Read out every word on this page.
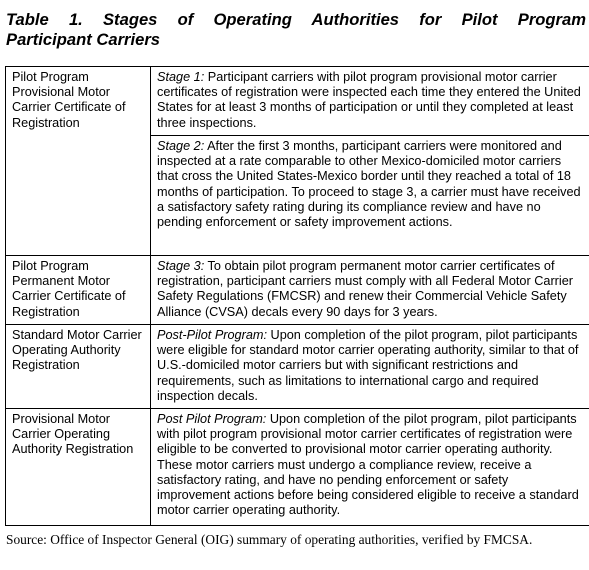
Table 1. Stages of Operating Authorities for Pilot Program
Participant Carriers
Pilot Program Provisional Motor Carrier Certificate of Registration	Stage 1: Participant carriers with pilot program provisional motor carrier certificates of registration were inspected each time they entered the United States for at least 3 months of participation or until they completed at least three inspections.
	Stage 2: After the first 3 months, participant carriers were monitored and inspected at a rate comparable to other Mexico-domiciled motor carriers that cross the United States-Mexico border until they reached a total of 18 months of participation. To proceed to stage 3, a carrier must have received a satisfactory safety rating during its compliance review and have no pending enforcement or safety improvement actions.
Pilot Program Permanent Motor Carrier Certificate of Registration	Stage 3: To obtain pilot program permanent motor carrier certificates of registration, participant carriers must comply with all Federal Motor Carrier Safety Regulations (FMCSR) and renew their Commercial Vehicle Safety Alliance (CVSA) decals every 90 days for 3 years.
Standard Motor Carrier Operating Authority Registration	Post-Pilot Program: Upon completion of the pilot program, pilot participants were eligible for standard motor carrier operating authority, similar to that of U.S.-domiciled motor carriers but with significant restrictions and requirements, such as limitations to international cargo and required inspection decals.
Provisional Motor Carrier Operating Authority Registration	Post Pilot Program: Upon completion of the pilot program, pilot participants with pilot program provisional motor carrier certificates of registration were eligible to be converted to provisional motor carrier operating authority. These motor carriers must undergo a compliance review, receive a satisfactory rating, and have no pending enforcement or safety improvement actions before being considered eligible to receive a standard motor carrier operating authority.
Source: Office of Inspector General (OIG) summary of operating authorities, verified by FMCSA.
